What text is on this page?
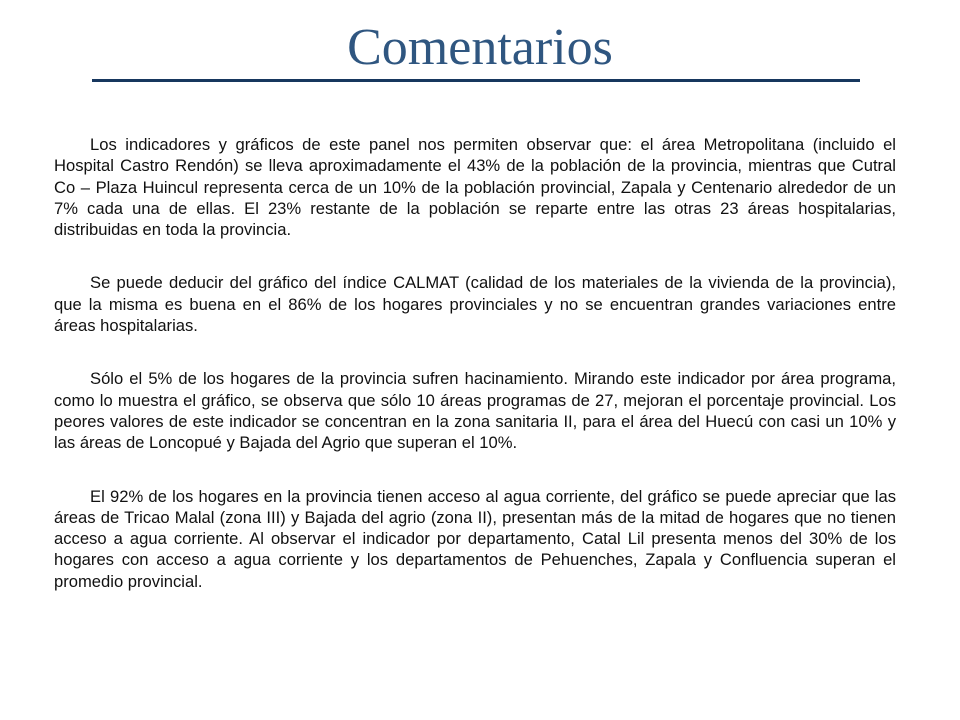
Comentarios

Los indicadores y gráficos de este panel nos permiten observar que: el área Metropolitana (incluido el Hospital Castro Rendón) se lleva aproximadamente el 43% de la población de la provincia, mientras que Cutral Co – Plaza Huincul representa cerca de un 10% de la población provincial, Zapala y Centenario alrededor de un 7% cada una de ellas. El 23% restante de la población se reparte entre las otras 23 áreas hospitalarias, distribuidas en toda la provincia.

Se puede deducir del gráfico del índice CALMAT (calidad de los materiales de la vivienda de la provincia), que la misma es buena en el 86% de los hogares provinciales y no se encuentran grandes variaciones entre áreas hospitalarias.

Sólo el 5% de los hogares de la provincia sufren hacinamiento. Mirando este indicador por área programa, como lo muestra el gráfico, se observa que sólo 10 áreas programas de 27, mejoran el porcentaje provincial. Los peores valores de este indicador se concentran en la zona sanitaria II, para el área del Huecú con casi un 10% y las áreas de Loncopué y Bajada del Agrio que superan el 10%.

El 92% de los hogares en la provincia tienen acceso al agua corriente, del gráfico se puede apreciar que las áreas de Tricao Malal (zona III) y Bajada del agrio (zona II), presentan más de la mitad de hogares que no tienen acceso a agua corriente. Al observar el indicador por departamento, Catal Lil presenta menos del 30% de los hogares con acceso a agua corriente y los departamentos de Pehuenches, Zapala y Confluencia superan el promedio provincial.
